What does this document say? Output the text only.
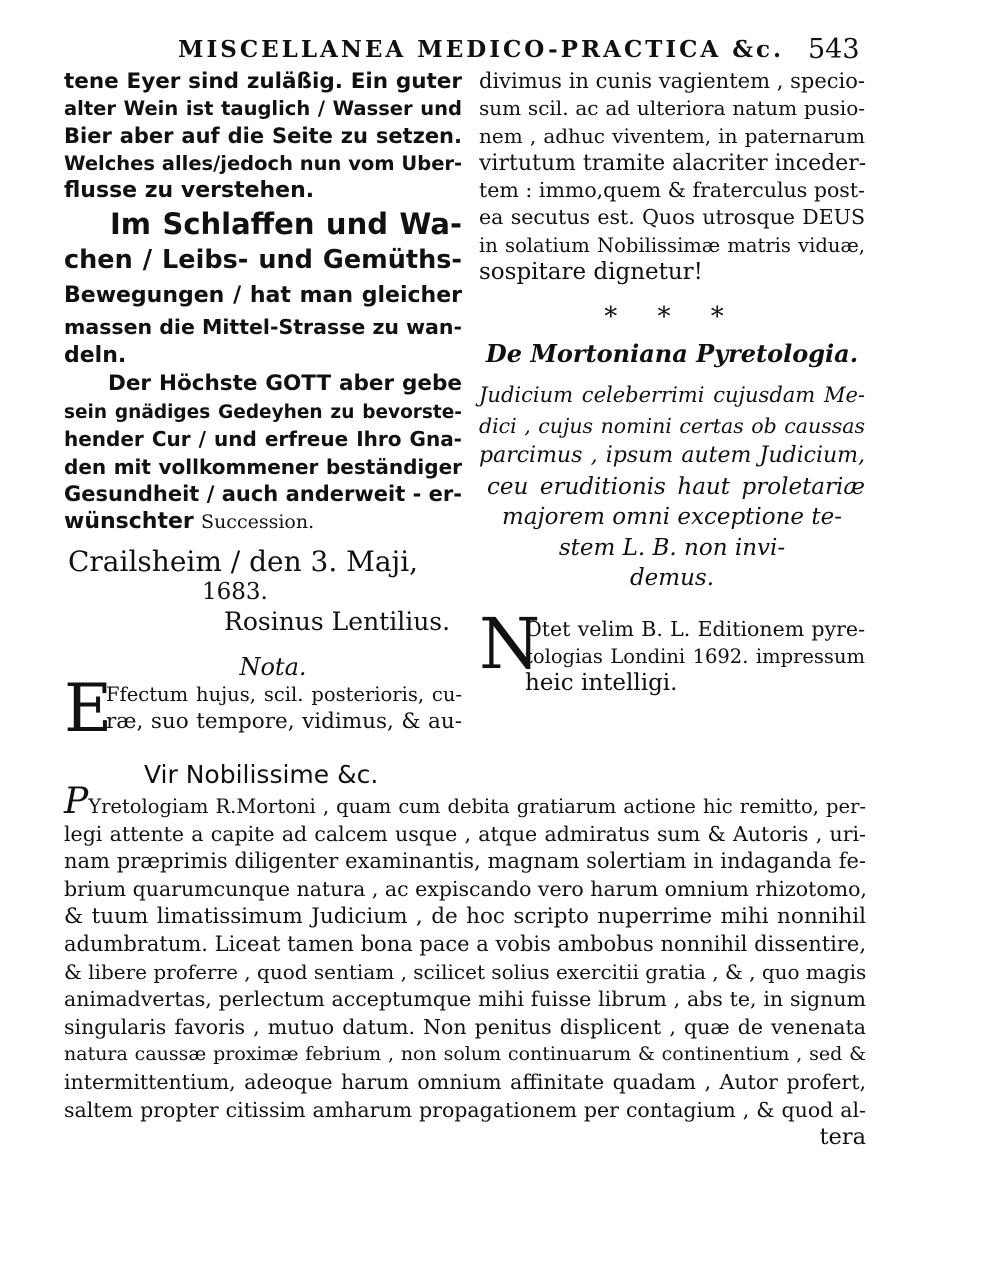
MISCELLANEA MEDICO-PRACTICA &c. 543
tene Eyer sind zuläßig. Ein guter
alter Wein ist tauglich / Wasser und
Bier aber auf die Seite zu setzen.
Welches alles/jedoch nun vom Uber-
flusse zu verstehen.
Im Schlaffen und Wa-
chen / Leibs- und Gemüths-
Bewegungen / hat man gleicher
massen die Mittel-Strasse zu wan-
deln.
Der Höchste GOTT aber gebe
sein gnädiges Gedeyhen zu bevorste-
hender Cur / und erfreue Ihro Gna-
den mit vollkommener beständiger
Gesundheit / auch anderweit - er-
wünschter Succession.
Crailsheim / den 3. Maji,
1683.
Rosinus Lentilius.
Nota.
E
Ffectum hujus, scil. posterioris, cu-
ræ, suo tempore, vidimus, & au-
divimus in cunis vagientem , specio-
sum scil. ac ad ulteriora natum pusio-
nem , adhuc viventem, in paternarum
virtutum tramite alacriter inceder-
tem : immo,quem & fraterculus post-
ea secutus est. Quos utrosque DEUS
in solatium Nobilissimæ matris viduæ,
sospitare dignetur!
* * *
De Mortoniana Pyretologia.
Judicium celeberrimi cujusdam Me-
dici , cujus nomini certas ob caussas
parcimus , ipsum autem Judicium,
ceu eruditionis haut proletariæ
majorem omni exceptione te-
stem L. B. non invi-
demus.
N
Otet velim B. L. Editionem pyre-
tologias Londini 1692. impressum
heic intelligi.
Vir Nobilissime &c.
PYretologiam R.Mortoni , quam cum debita gratiarum actione hic remitto, per-
legi attente a capite ad calcem usque , atque admiratus sum & Autoris , uri-
nam præprimis diligenter examinantis, magnam solertiam in indaganda fe-
brium quarumcunque natura , ac expiscando vero harum omnium rhizotomo,
& tuum limatissimum Judicium , de hoc scripto nuperrime mihi nonnihil
adumbratum. Liceat tamen bona pace a vobis ambobus nonnihil dissentire,
& libere proferre , quod sentiam , scilicet solius exercitii gratia , & , quo magis
animadvertas, perlectum acceptumque mihi fuisse librum , abs te, in signum
singularis favoris , mutuo datum. Non penitus displicent , quæ de venenata
natura caussæ proximæ febrium , non solum continuarum & continentium , sed &
intermittentium, adeoque harum omnium affinitate quadam , Autor profert,
saltem propter citissim amharum propagationem per contagium , & quod al-
tera
